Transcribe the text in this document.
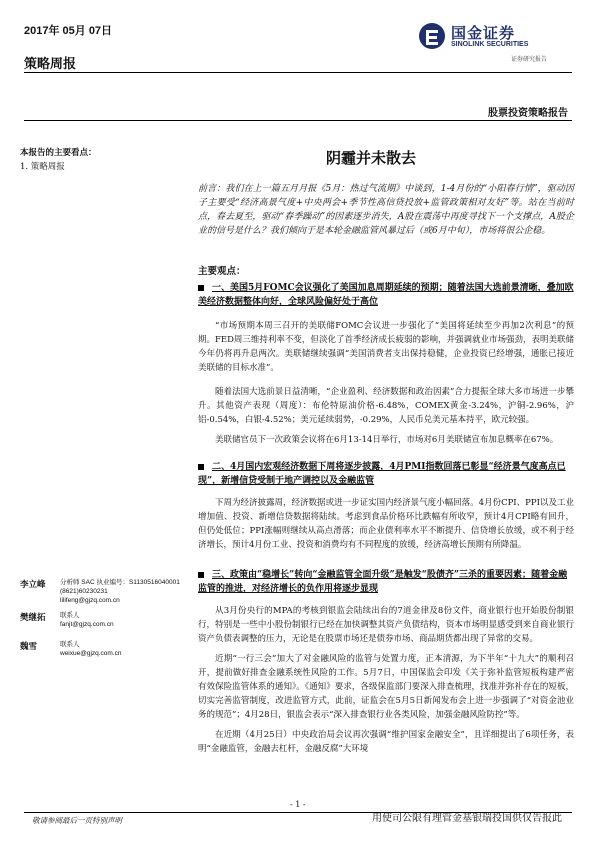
2017年 05月 07日
策略周报
国金证券
SINOLINK SECURITIES
证券研究报告
股票投资策略报告
本报告的主要看点：
1. 策略周报	阴霾并未散去

前言：我们在上一篇五月月报《5月：热过气流期》中谈到，1-4月份的“小阳春行情”，驱动因子主要受“经济高景气度+中央两会+季节性高信贷投放+监管政策相对友好”等。站在当前时点，春去夏至，驱动“春季躁动”的因素逐步消失，A股在震荡中再度寻找下一个支撑点，A股企业的信号是什么？我们倾向于是本轮金融监管风暴过后（或6月中旬），市场将很公企稳。

主要观点：
一、美国5月FOMC会议强化了美国加息周期延续的预期；随着法国大选前景清晰，叠加欧美经济数据整体向好，全球风险偏好处于高位

“市场预期本周三召开的美联储FOMC会议进一步强化了“美国将延续至少再加2次利息”的预期。FED周三维持利率不变，但淡化了首季经济成长疲弱的影响，并强调就业市场强劲，表明美联储今年仍将再升息两次。美联储继续强调“美国消费者支出保持稳健，企业投资已经增强，通胀已接近美联储的目标水准”。

随着法国大选前景日益清晰，“企业盈利、经济数据和政治因素”合力提振全球大多市场进一步攀升。其他资产表现（周度）：布伦特原油价格-6.48%，COMEX黄金-3.24%，沪铜-2.96%，沪铝-0.54%，白银-4.52%；美元延续弱势，-0.29%，人民币兑美元基本持平，欧元较强。

美联储官员下一次政策会议将在6月13-14日举行，市场对6月美联储宣布加息概率在67%。

二、4月国内宏观经济数据下周将逐步披露，4月PMI指数回落已彰显“经济景气度高点已现”，新增信贷受制于地产调控以及金融监管

下周为经济披露周，经济数据或进一步证实国内经济景气度小幅回落。4月份CPI、PPI以及工业增加值、投资、新增信贷数据将陆续。考虑到食品价格环比跌幅有所收窄，预计4月CPI略有回升，但仍处低位；PPI涨幅则继续从高点滑落；而企业债利率水平不断提升、信贷增长放缓，或不利于经济增长，预计4月份工业、投资和消费均有不同程度的放缓，经济高增长预期有所降温。

三、政策由“稳增长”转向“金融监管全面升级”是触发“股债齐”三杀的重要因素；随着金融监管的推进，对经济增长的负作用将逐步显现

从3月份央行的MPA的考核到银监会陆续出台的7道金律及8份文件，商业银行也开始股份制银行，特别是一些中小股份制银行已经在加快调整其资产负债结构，资本市场明显感受到来自商业银行资产负债表调整的压力，无论是在股票市场还是债券市场、商品期货都出现了异常的交易。

近期“一行三会”加大了对金融风险的监管与处置力度，正本清源，为下半年“十九大”的顺利召开，提前做好排查金融系统性风险的工作。5月7日，中国保监会印发《关于弥补监管短板构建严密有效保险监管体系的通知》。《通知》要求，各级保监部门要深入排查梳理，找准并弥补存在的短板，切实完善监管制度，改进监管方式，此前，证监会在5月5日新闻发布会上进一步强调了“对资金池业务的规范”；4月28日，银监会表示“深入排查银行业各类风险，加强金融风险防控”等。

在近期（4月25日）中央政治局会议再次强调“维护国家金融安全”，且详细提出了6项任务，表明“金融监管，金融去杠杆，金融反腐”大环境

李立峰 分析师 SAC 执业编号：S1130516040001
(8621)60230231
lilifeng@gjzq.com.cn
樊继拓 联系人
fanjt@gjzq.com.cn
魏雪	联系人
weixue@gjzq.com.cn
- 1 -
敬请参阅最后一页特别声明	用使司公限有理管金基银瑞投国供仅告报此
